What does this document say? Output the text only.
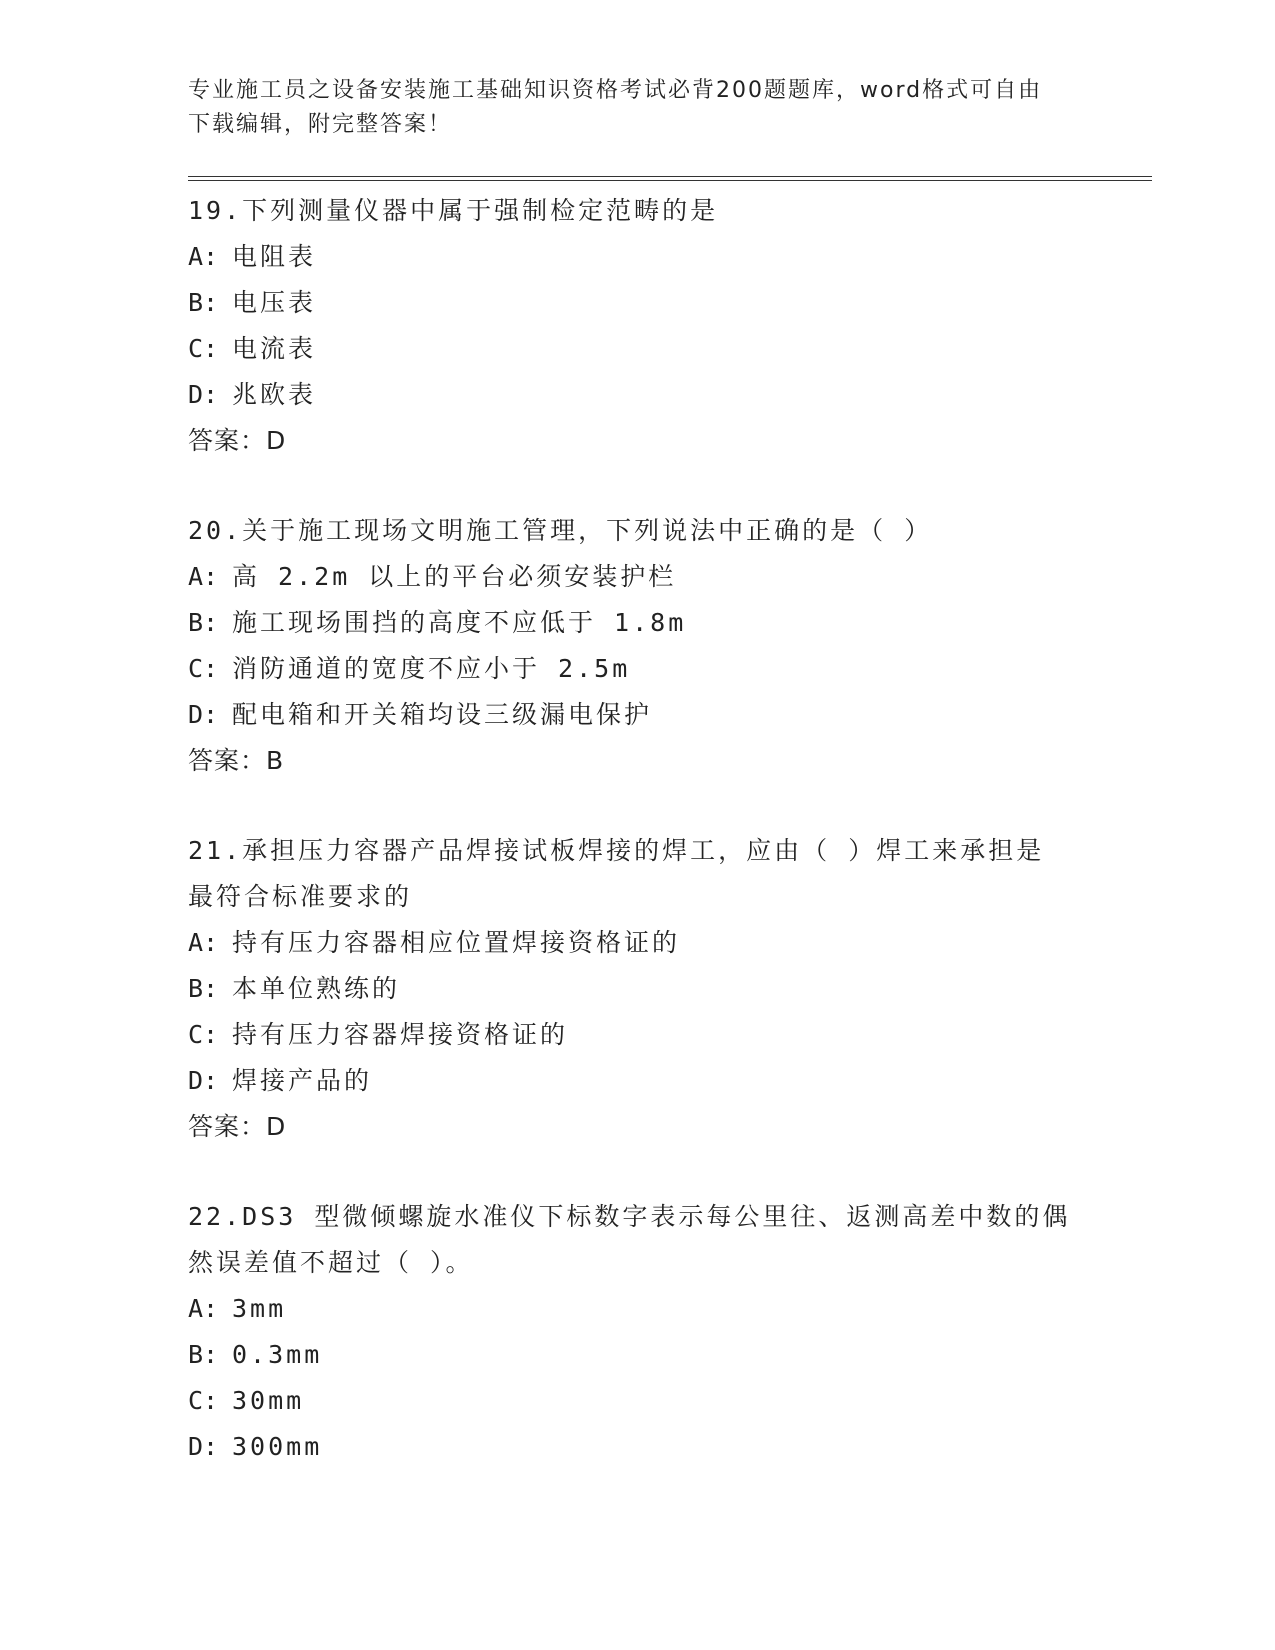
专业施工员之设备安装施工基础知识资格考试必背200题题库，word格式可自由
下载编辑，附完整答案！
19.下列测量仪器中属于强制检定范畴的是
A: 电阻表
B: 电压表
C: 电流表
D: 兆欧表
答案：D
20.关于施工现场文明施工管理，下列说法中正确的是（ ）
A: 高 2.2m 以上的平台必须安装护栏
B: 施工现场围挡的高度不应低于 1.8m
C: 消防通道的宽度不应小于 2.5m
D: 配电箱和开关箱均设三级漏电保护
答案：B
21.承担压力容器产品焊接试板焊接的焊工，应由（ ）焊工来承担是
最符合标准要求的
A: 持有压力容器相应位置焊接资格证的
B: 本单位熟练的
C: 持有压力容器焊接资格证的
D: 焊接产品的
答案：D
22.DS3 型微倾螺旋水准仪下标数字表示每公里往、返测高差中数的偶
然误差值不超过（ ）。
A: 3mm
B: 0.3mm
C: 30mm
D: 300mm
